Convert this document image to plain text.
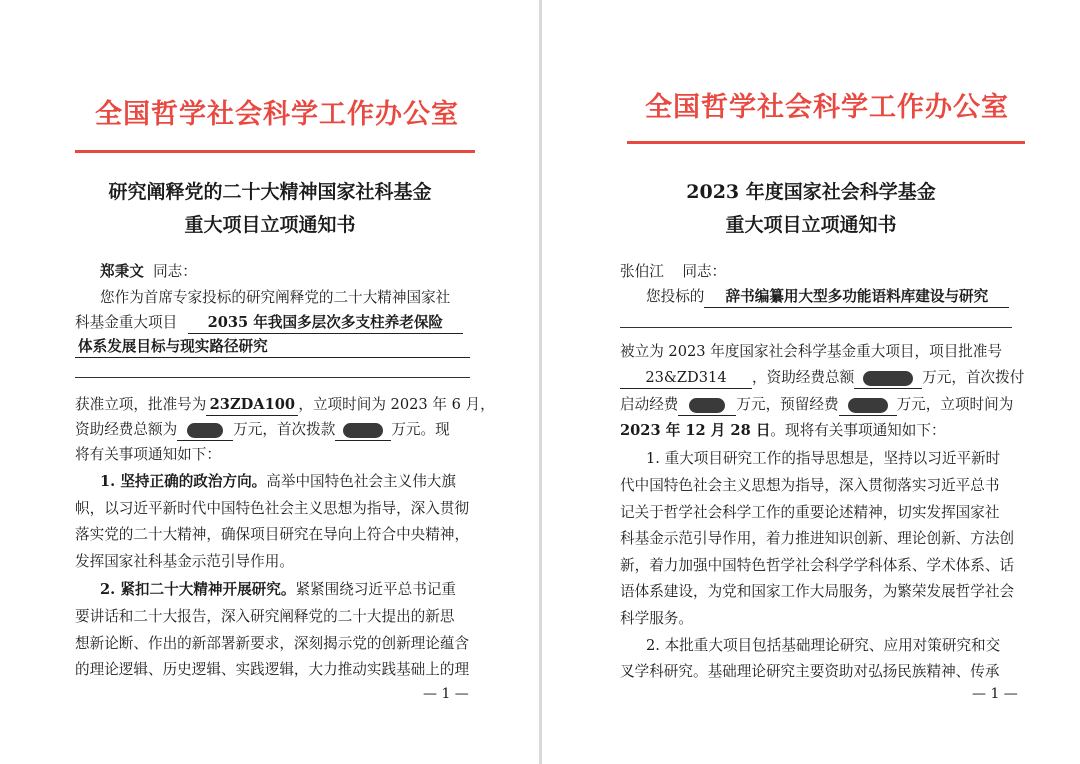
全国哲学社会科学工作办公室
研究阐释党的二十大精神国家社科基金
重大项目立项通知书
郑秉文 同志：
您作为首席专家投标的研究阐释党的二十大精神国家社
科基金重大项目 2035 年我国多层次多支柱养老保险
体系发展目标与现实路径研究
获准立项，批准号为 23ZDA100 ，立项时间为 2023 年 6 月，
资助经费总额为	万元，首次拨款	万元。现
将有关事项通知如下：
1. 坚持正确的政治方向。高举中国特色社会主义伟大旗
帜，以习近平新时代中国特色社会主义思想为指导，深入贯彻
落实党的二十大精神，确保项目研究在导向上符合中央精神，
发挥国家社科基金示范引导作用。
2. 紧扣二十大精神开展研究。紧紧围绕习近平总书记重
要讲话和二十大报告，深入研究阐释党的二十大提出的新思
想新论断、作出的新部署新要求，深刻揭示党的创新理论蕴含
的理论逻辑、历史逻辑、实践逻辑，大力推动实践基础上的理
— 1 —
全国哲学社会科学工作办公室
2023 年度国家社会科学基金
重大项目立项通知书
张伯江 同志：
您投标的 辞书编纂用大型多功能语料库建设与研究
被立为 2023 年度国家社会科学基金重大项目，项目批准号
23&ZD314 ，资助经费总额	万元，首次拨付
启动经费	万元，预留经费	万元，立项时间为
2023 年 12 月 28 日。现将有关事项通知如下：
1. 重大项目研究工作的指导思想是，坚持以习近平新时
代中国特色社会主义思想为指导，深入贯彻落实习近平总书
记关于哲学社会科学工作的重要论述精神，切实发挥国家社
科基金示范引导作用，着力推进知识创新、理论创新、方法创
新，着力加强中国特色哲学社会科学学科体系、学术体系、话
语体系建设，为党和国家工作大局服务，为繁荣发展哲学社会
科学服务。
2. 本批重大项目包括基础理论研究、应用对策研究和交
叉学科研究。基础理论研究主要资助对弘扬民族精神、传承
— 1 —
